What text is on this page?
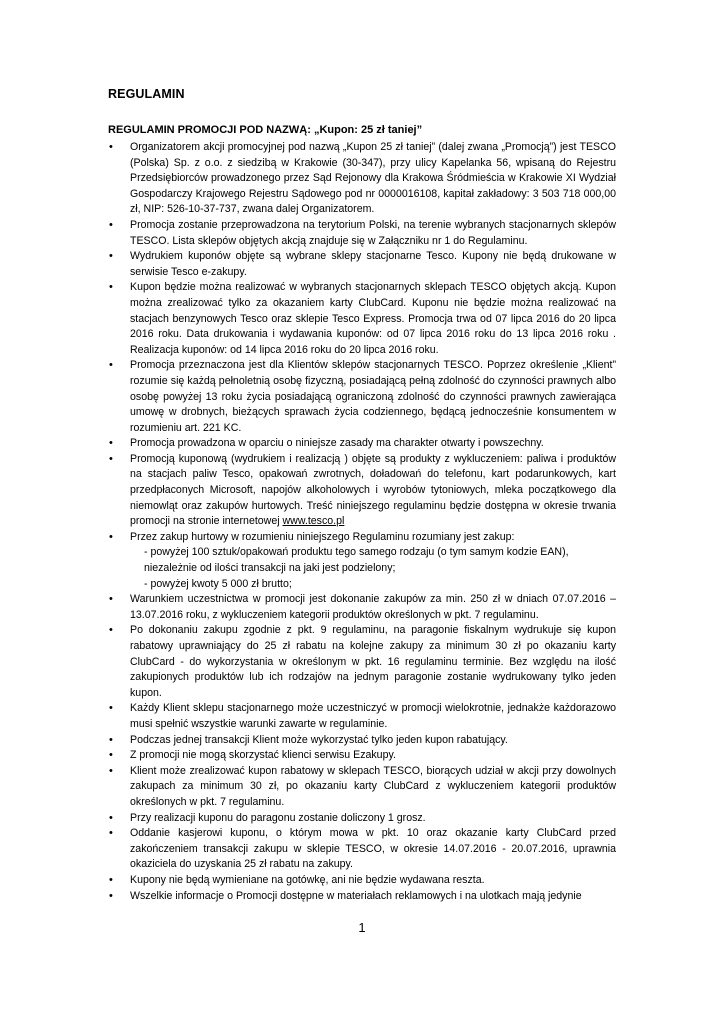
REGULAMIN
REGULAMIN PROMOCJI POD NAZWĄ: „Kupon: 25 zł taniej”
• Organizatorem akcji promocyjnej pod nazwą „Kupon 25 zł taniej” (dalej zwana „Promocją”) jest TESCO (Polska) Sp. z o.o. z siedzibą w Krakowie (30-347), przy ulicy Kapelanka 56, wpisaną do Rejestru Przedsiębiorców prowadzonego przez Sąd Rejonowy dla Krakowa Śródmieścia w Krakowie XI Wydział Gospodarczy Krajowego Rejestru Sądowego pod nr 0000016108, kapitał zakładowy: 3 503 718 000,00 zł, NIP: 526-10-37-737, zwana dalej Organizatorem.
• Promocja zostanie przeprowadzona na terytorium Polski, na terenie wybranych stacjonarnych sklepów TESCO. Lista sklepów objętych akcją znajduje się w Załączniku nr 1 do Regulaminu.
• Wydrukiem kuponów objęte są wybrane sklepy stacjonarne Tesco. Kupony nie będą drukowane w serwisie Tesco e-zakupy.
• Kupon będzie można realizować w wybranych stacjonarnych sklepach TESCO objętych akcją. Kupon można zrealizować tylko za okazaniem karty ClubCard. Kuponu nie będzie można realizować na stacjach benzynowych Tesco oraz sklepie Tesco Express. Promocja trwa od 07 lipca 2016 do 20 lipca 2016 roku. Data drukowania i wydawania kuponów: od 07 lipca 2016 roku do 13 lipca 2016 roku . Realizacja kuponów: od 14 lipca 2016 roku do 20 lipca 2016 roku.
• Promocja przeznaczona jest dla Klientów sklepów stacjonarnych TESCO. Poprzez określenie „Klient” rozumie się każdą pełnoletnią osobę fizyczną, posiadającą pełną zdolność do czynności prawnych albo osobę powyżej 13 roku życia posiadającą ograniczoną zdolność do czynności prawnych zawierająca umowę w drobnych, bieżących sprawach życia codziennego, będącą jednocześnie konsumentem w rozumieniu art. 221 KC.
• Promocja prowadzona w oparciu o niniejsze zasady ma charakter otwarty i powszechny.
• Promocją kuponową (wydrukiem i realizacją ) objęte są produkty z wykluczeniem: paliwa i produktów na stacjach paliw Tesco, opakowań zwrotnych, doładowań do telefonu, kart podarunkowych, kart przedpłaconych Microsoft, napojów alkoholowych i wyrobów tytoniowych, mleka początkowego dla niemowląt oraz zakupów hurtowych. Treść niniejszego regulaminu będzie dostępna w okresie trwania promocji na stronie internetowej www.tesco.pl
• Przez zakup hurtowy w rozumieniu niniejszego Regulaminu rozumiany jest zakup:
- powyżej 100 sztuk/opakowań produktu tego samego rodzaju (o tym samym kodzie EAN), niezależnie od ilości transakcji na jaki jest podzielony;
- powyżej kwoty 5 000 zł brutto;
• Warunkiem uczestnictwa w promocji jest dokonanie zakupów za min. 250 zł w dniach 07.07.2016 – 13.07.2016 roku, z wykluczeniem kategorii produktów określonych w pkt. 7 regulaminu.
• Po dokonaniu zakupu zgodnie z pkt. 9 regulaminu, na paragonie fiskalnym wydrukuje się kupon rabatowy uprawniający do 25 zł rabatu na kolejne zakupy za minimum 30 zł po okazaniu karty ClubCard - do wykorzystania w określonym w pkt. 16 regulaminu terminie. Bez względu na ilość zakupionych produktów lub ich rodzajów na jednym paragonie zostanie wydrukowany tylko jeden kupon.
• Każdy Klient sklepu stacjonarnego może uczestniczyć w promocji wielokrotnie, jednakże każdorazowo musi spełnić wszystkie warunki zawarte w regulaminie.
• Podczas jednej transakcji Klient może wykorzystać tylko jeden kupon rabatujący.
• Z promocji nie mogą skorzystać klienci serwisu Ezakupy.
• Klient może zrealizować kupon rabatowy w sklepach TESCO, biorących udział w akcji przy dowolnych zakupach za minimum 30 zł, po okazaniu karty ClubCard z wykluczeniem kategorii produktów określonych w pkt. 7 regulaminu.
• Przy realizacji kuponu do paragonu zostanie doliczony 1 grosz.
• Oddanie kasjerowi kuponu, o którym mowa w pkt. 10 oraz okazanie karty ClubCard przed zakończeniem transakcji zakupu w sklepie TESCO, w okresie 14.07.2016 - 20.07.2016, uprawnia okaziciela do uzyskania 25 zł rabatu na zakupy.
• Kupony nie będą wymieniane na gotówkę, ani nie będzie wydawana reszta.
• Wszelkie informacje o Promocji dostępne w materiałach reklamowych i na ulotkach mają jedynie
1
